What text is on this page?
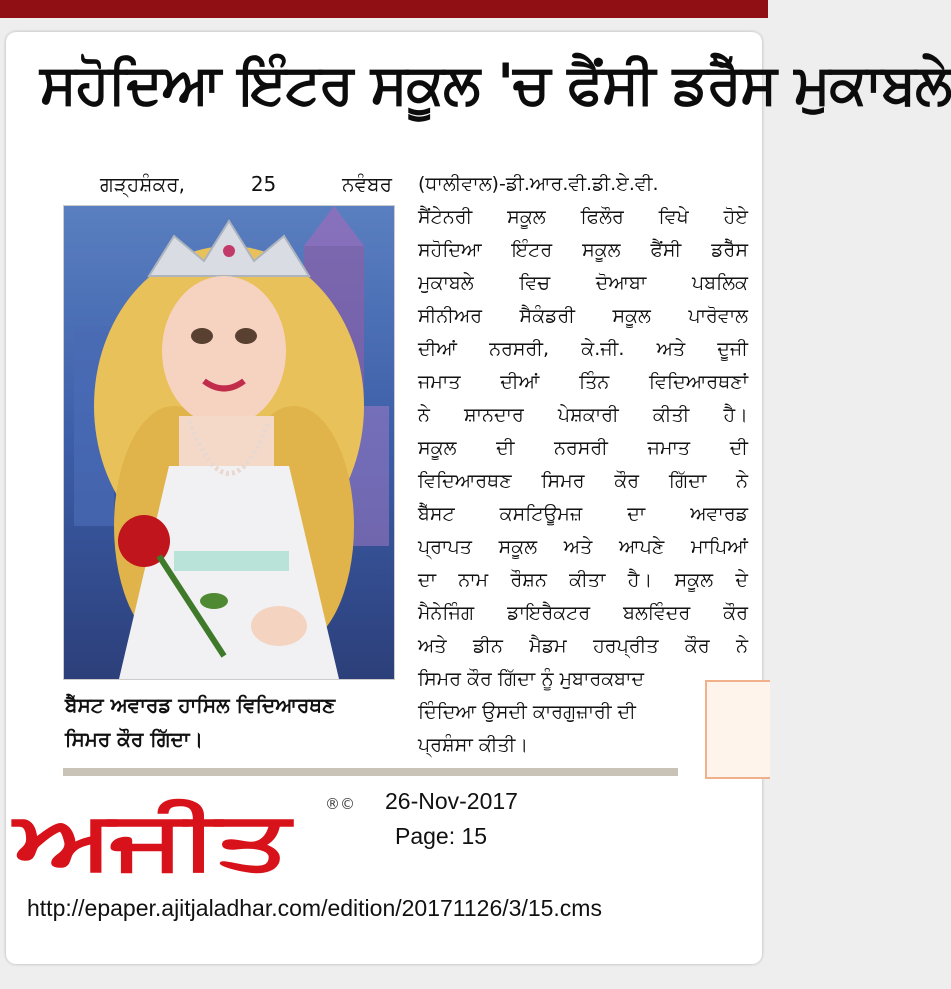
ਸਹੋਦਿਆ ਇੰਟਰ ਸਕੂਲ 'ਚ ਫੈਂਸੀ ਡਰੈੱਸ ਮੁਕਾਬਲੇ
ਗੜ੍ਹਸ਼ੰਕਰ,	25	ਨਵੰਬਰ
ਬੈੱਸਟ ਅਵਾਰਡ ਹਾਸਿਲ ਵਿਦਿਆਰਥਣ
ਸਿਮਰ ਕੌਰ ਗਿੱਦਾ।
(ਧਾਲੀਵਾਲ)-ਡੀ.ਆਰ.ਵੀ.ਡੀ.ਏ.ਵੀ.
ਸੈਂਟੇਨਰੀ ਸਕੂਲ ਫਿਲੌਰ ਵਿਖੇ ਹੋਏ
ਸਹੋਦਿਆ ਇੰਟਰ ਸਕੂਲ ਫੈਂਸੀ ਡਰੈੱਸ
ਮੁਕਾਬਲੇ ਵਿਚ ਦੋਆਬਾ ਪਬਲਿਕ
ਸੀਨੀਅਰ ਸੈਕੰਡਰੀ ਸਕੂਲ ਪਾਰੋਵਾਲ
ਦੀਆਂ ਨਰਸਰੀ, ਕੇ.ਜੀ. ਅਤੇ ਦੂਜੀ
ਜਮਾਤ ਦੀਆਂ ਤਿੰਨ ਵਿਦਿਆਰਥਣਾਂ
ਨੇ ਸ਼ਾਨਦਾਰ ਪੇਸ਼ਕਾਰੀ ਕੀਤੀ ਹੈ।
ਸਕੂਲ ਦੀ ਨਰਸਰੀ ਜਮਾਤ ਦੀ
ਵਿਦਿਆਰਥਣ ਸਿਮਰ ਕੌਰ ਗਿੱਦਾ ਨੇ
ਬੈੱਸਟ ਕਸਟਿਊਮਜ਼ ਦਾ ਅਵਾਰਡ
ਪ੍ਰਾਪਤ ਸਕੂਲ ਅਤੇ ਆਪਣੇ ਮਾਪਿਆਂ
ਦਾ ਨਾਮ ਰੌਸ਼ਨ ਕੀਤਾ ਹੈ। ਸਕੂਲ ਦੇ
ਮੈਨੇਜਿੰਗ ਡਾਇਰੈਕਟਰ ਬਲਵਿੰਦਰ ਕੌਰ
ਅਤੇ ਡੀਨ ਮੈਡਮ ਹਰਪ੍ਰੀਤ ਕੌਰ ਨੇ
ਸਿਮਰ ਕੌਰ ਗਿੱਦਾ ਨੂੰ ਮੁਬਾਰਕਬਾਦ
ਦਿੰਦਿਆ ਉਸਦੀ ਕਾਰਗੁਜ਼ਾਰੀ ਦੀ
ਪ੍ਰਸ਼ੰਸਾ ਕੀਤੀ।
ਅਜੀਤ	®© 26-Nov-2017
Page: 15
http://epaper.ajitjaladhar.com/edition/20171126/3/15.cms
